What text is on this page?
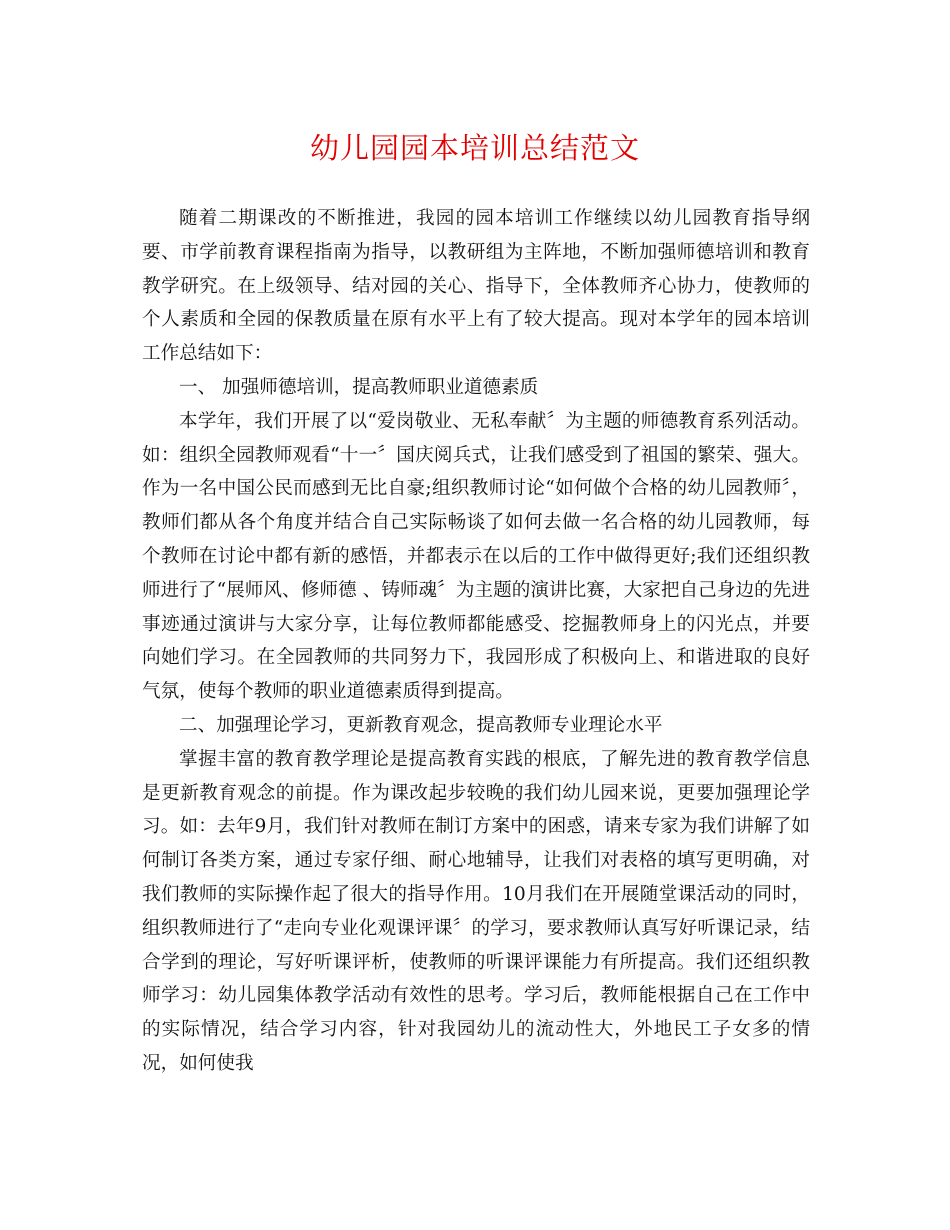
幼儿园园本培训总结范文

随着二期课改的不断推进，我园的园本培训工作继续以幼儿园教育指导纲要、市学前教育课程指南为指导，以教研组为主阵地，不断加强师德培训和教育教学研究。在上级领导、结对园的关心、指导下，全体教师齐心协力，使教师的个人素质和全园的保教质量在原有水平上有了较大提高。现对本学年的园本培训工作总结如下：

一、 加强师德培训，提高教师职业道德素质

本学年，我们开展了以“爱岗敬业、无私奉献〞为主题的师德教育系列活动。如：组织全园教师观看“十一〞国庆阅兵式，让我们感受到了祖国的繁荣、强大。作为一名中国公民而感到无比自豪;组织教师讨论“如何做个合格的幼儿园教师〞，教师们都从各个角度并结合自己实际畅谈了如何去做一名合格的幼儿园教师，每个教师在讨论中都有新的感悟，并都表示在以后的工作中做得更好;我们还组织教师进行了“展师风、修师德 、铸师魂〞为主题的演讲比赛，大家把自己身边的先进事迹通过演讲与大家分享，让每位教师都能感受、挖掘教师身上的闪光点，并要向她们学习。在全园教师的共同努力下，我园形成了积极向上、和谐进取的良好气氛，使每个教师的职业道德素质得到提高。

二、加强理论学习，更新教育观念，提高教师专业理论水平

掌握丰富的教育教学理论是提高教育实践的根底，了解先进的教育教学信息是更新教育观念的前提。作为课改起步较晚的我们幼儿园来说，更要加强理论学习。如：去年9月，我们针对教师在制订方案中的困惑，请来专家为我们讲解了如何制订各类方案，通过专家仔细、耐心地辅导，让我们对表格的填写更明确，对我们教师的实际操作起了很大的指导作用。10月我们在开展随堂课活动的同时，组织教师进行了“走向专业化观课评课〞的学习，要求教师认真写好听课记录，结合学到的理论，写好听课评析，使教师的听课评课能力有所提高。我们还组织教师学习：幼儿园集体教学活动有效性的思考。学习后，教师能根据自己在工作中的实际情况，结合学习内容，针对我园幼儿的流动性大，外地民工子女多的情况，如何使我
